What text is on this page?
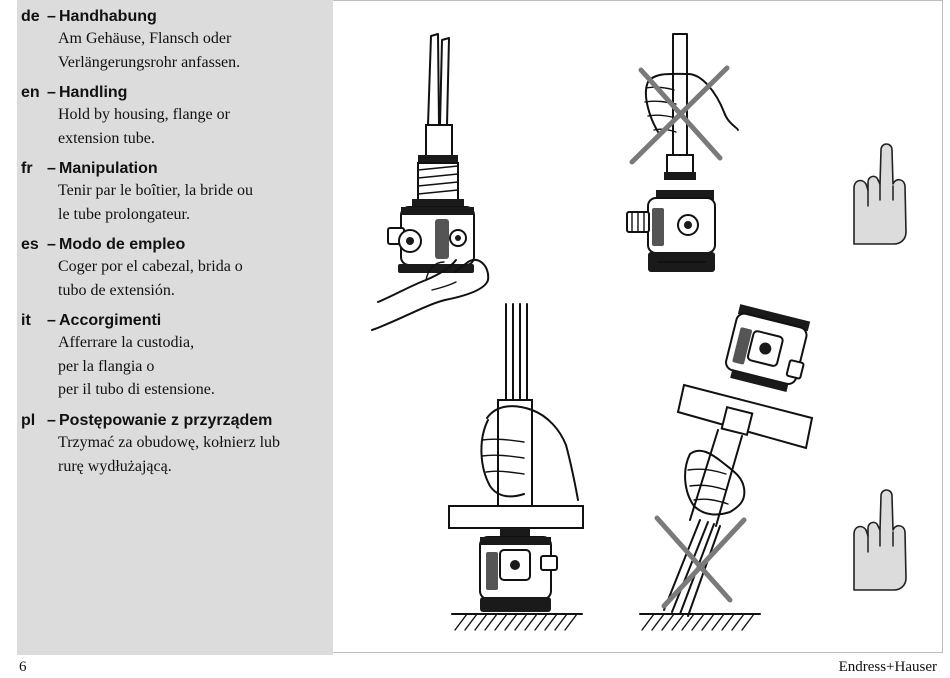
de – Handhabung
Am Gehäuse, Flansch oder
Verlängerungsrohr anfassen.
en – Handling
Hold by housing, flange or
extension tube.
fr – Manipulation
Tenir par le boîtier, la bride ou
le tube prolongateur.
es – Modo de empleo
Coger por el cabezal, brida o
tubo de extensión.
it – Accorgimenti
Afferrare la custodia,
per la flangia o
per il tubo di estensione.
pl – Postępowanie z przyrządem
Trzymać za obudowę, kołnierz lub
rurę wydłużającą.
6	Endress+Hauser
